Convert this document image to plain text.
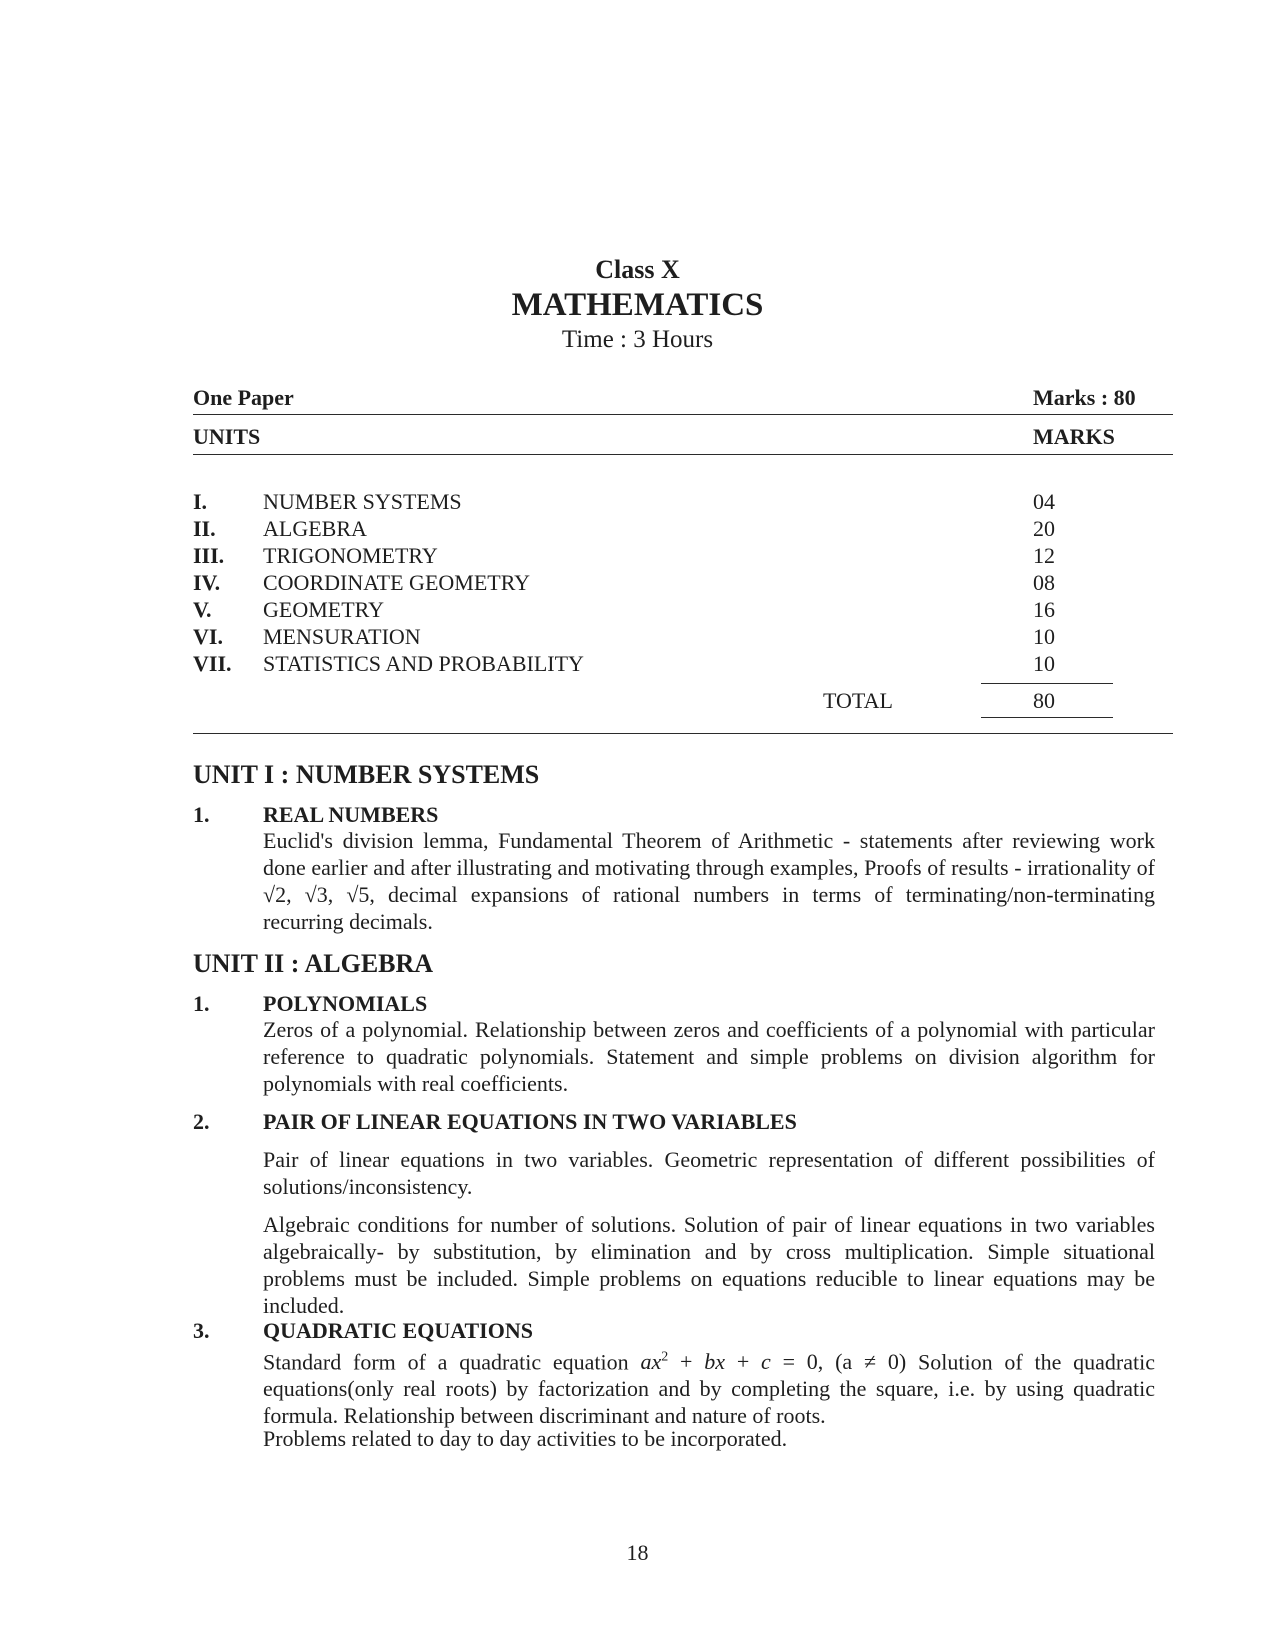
Class X
MATHEMATICS
Time : 3 Hours
One Paper	Marks : 80
UNITS	MARKS
I.	NUMBER SYSTEMS	04
II. ALGEBRA	20
III. TRIGONOMETRY	12
IV. COORDINATE GEOMETRY	08
V. GEOMETRY	16
VI. MENSURATION	10
VII. STATISTICS AND PROBABILITY	10
TOTAL	80
UNIT I : NUMBER SYSTEMS
1. REAL NUMBERS
Euclid's division lemma, Fundamental Theorem of Arithmetic - statements after reviewing work done earlier and after illustrating and motivating through examples, Proofs of results - irrationality of √2, √3, √5, decimal expansions of rational numbers in terms of terminating/non-terminating recurring decimals.
UNIT II : ALGEBRA
1. POLYNOMIALS
Zeros of a polynomial. Relationship between zeros and coefficients of a polynomial with particular reference to quadratic polynomials. Statement and simple problems on division algorithm for polynomials with real coefficients.
2. PAIR OF LINEAR EQUATIONS IN TWO VARIABLES
Pair of linear equations in two variables. Geometric representation of different possibilities of solutions/inconsistency.
Algebraic conditions for number of solutions. Solution of pair of linear equations in two variables algebraically- by substitution, by elimination and by cross multiplication. Simple situational problems must be included. Simple problems on equations reducible to linear equations may be included.
3. QUADRATIC EQUATIONS
Standard form of a quadratic equation $ax^2$ + bx + c = 0, (a ≠ 0) Solution of the quadratic equations(only real roots) by factorization and by completing the square, i.e. by using quadratic formula. Relationship between discriminant and nature of roots.
Problems related to day to day activities to be incorporated.
18
